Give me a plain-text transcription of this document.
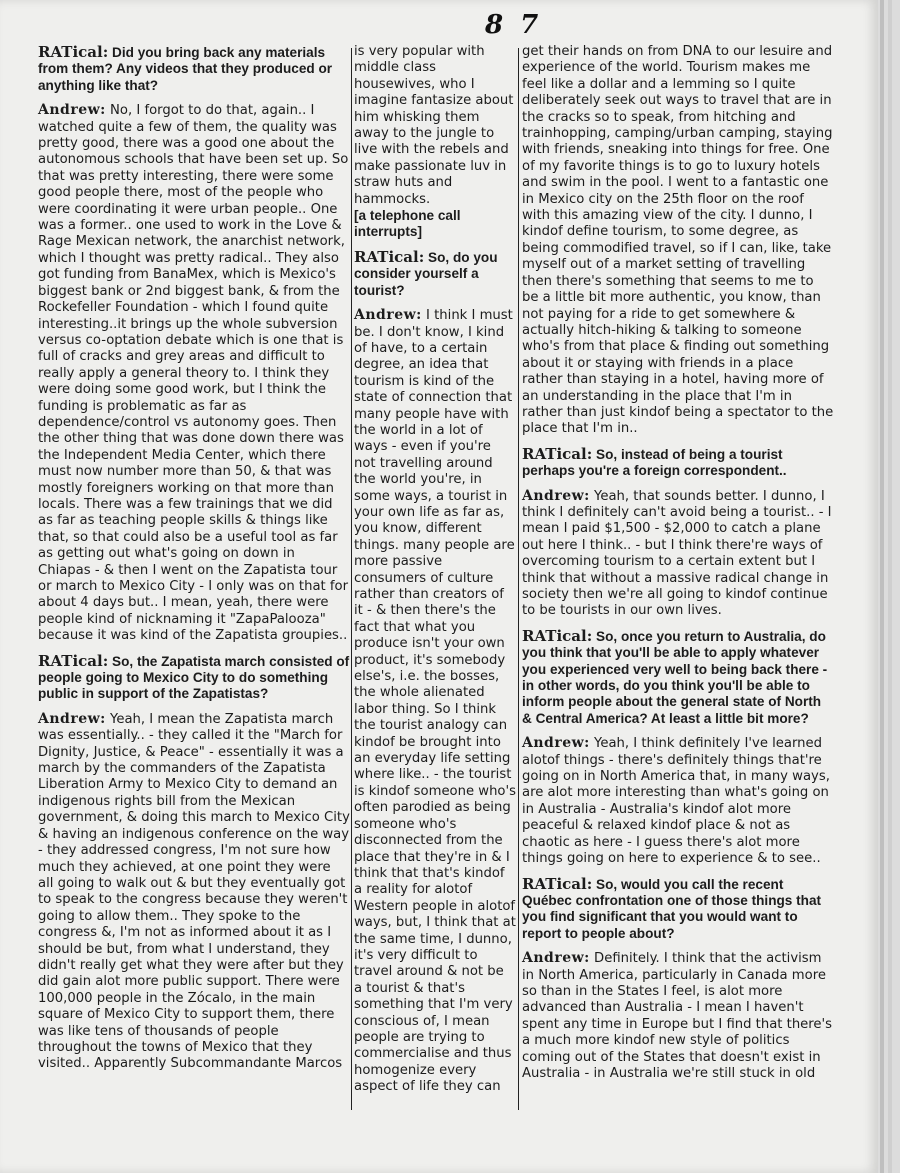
8 7

RATical: Did you bring back any materials from them? Any videos that they produced or anything like that?

Andrew: No, I forgot to do that, again.. I watched quite a few of them, the quality was pretty good, there was a good one about the autonomous schools that have been set up. So that was pretty interesting, there were some good people there, most of the people who were coordinating it were urban people.. One was a former.. one used to work in the Love & Rage Mexican network, the anarchist network, which I thought was pretty radical.. They also got funding from BanaMex, which is Mexico's biggest bank or 2nd biggest bank, & from the Rockefeller Foundation - which I found quite interesting..it brings up the whole subversion versus co-optation debate which is one that is full of cracks and grey areas and difficult to really apply a general theory to. I think they were doing some good work, but I think the funding is problematic as far as dependence/control vs autonomy goes. Then the other thing that was done down there was the Independent Media Center, which there must now number more than 50, & that was mostly foreigners working on that more than locals. There was a few trainings that we did as far as teaching people skills & things like that, so that could also be a useful tool as far as getting out what's going on down in Chiapas - & then I went on the Zapatista tour or march to Mexico City - I only was on that for about 4 days but.. I mean, yeah, there were people kind of nicknaming it "ZapaPalooza" because it was kind of the Zapatista groupies..

RATical: So, the Zapatista march consisted of people going to Mexico City to do something public in support of the Zapatistas?

Andrew: Yeah, I mean the Zapatista march was essentially.. - they called it the "March for Dignity, Justice, & Peace" - essentially it was a march by the commanders of the Zapatista Liberation Army to Mexico City to demand an indigenous rights bill from the Mexican government, & doing this march to Mexico City & having an indigenous conference on the way - they addressed congress, I'm not sure how much they achieved, at one point they were all going to walk out & but they eventually got to speak to the congress because they weren't going to allow them.. They spoke to the congress &, I'm not as informed about it as I should be but, from what I understand, they didn't really get what they were after but they did gain alot more public support. There were 100,000 people in the Zócalo, in the main square of Mexico City to support them, there was like tens of thousands of people throughout the towns of Mexico that they visited.. Apparently Subcommandante Marcos

is very popular with middle class housewives, who I imagine fantasize about him whisking them away to the jungle to live with the rebels and make passionate luv in straw huts and hammocks.

[a telephone call interrupts]

RATical: So, do you consider yourself a tourist?

Andrew: I think I must be. I don't know, I kind of have, to a certain degree, an idea that tourism is kind of the state of connection that many people have with the world in a lot of ways - even if you're not travelling around the world you're, in some ways, a tourist in your own life as far as, you know, different things. many people are more passive consumers of culture rather than creators of it - & then there's the fact that what you produce isn't your own product, it's somebody else's, i.e. the bosses, the whole alienated labor thing. So I think the tourist analogy can kindof be brought into an everyday life setting where like.. - the tourist is kindof someone who's often parodied as being someone who's disconnected from the place that they're in & I think that that's kindof a reality for alotof Western people in alotof ways, but, I think that at the same time, I dunno, it's very difficult to travel around & not be a tourist & that's something that I'm very conscious of, I mean people are trying to commercialise and thus homogenize every aspect of life they can

get their hands on from DNA to our lesuire and experience of the world. Tourism makes me feel like a dollar and a lemming so I quite deliberately seek out ways to travel that are in the cracks so to speak, from hitching and trainhopping, camping/urban camping, staying with friends, sneaking into things for free. One of my favorite things is to go to luxury hotels and swim in the pool. I went to a fantastic one in Mexico city on the 25th floor on the roof with this amazing view of the city. I dunno, I kindof define tourism, to some degree, as being commodified travel, so if I can, like, take myself out of a market setting of travelling then there's something that seems to me to be a little bit more authentic, you know, than not paying for a ride to get somewhere & actually hitch-hiking & talking to someone who's from that place & finding out something about it or staying with friends in a place rather than staying in a hotel, having more of an understanding in the place that I'm in rather than just kindof being a spectator to the place that I'm in..

RATical: So, instead of being a tourist perhaps you're a foreign correspondent..

Andrew: Yeah, that sounds better. I dunno, I think I definitely can't avoid being a tourist.. - I mean I paid $1,500 - $2,000 to catch a plane out here I think.. - but I think there're ways of overcoming tourism to a certain extent but I think that without a massive radical change in society then we're all going to kindof continue to be tourists in our own lives.

RATical: So, once you return to Australia, do you think that you'll be able to apply whatever you experienced very well to being back there - in other words, do you think you'll be able to inform people about the general state of North & Central America? At least a little bit more?

Andrew: Yeah, I think definitely I've learned alotof things - there's definitely things that're going on in North America that, in many ways, are alot more interesting than what's going on in Australia - Australia's kindof alot more peaceful & relaxed kindof place & not as chaotic as here - I guess there's alot more things going on here to experience & to see..

RATical: So, would you call the recent Québec confrontation one of those things that you find significant that you would want to report to people about?

Andrew: Definitely. I think that the activism in North America, particularly in Canada more so than in the States I feel, is alot more advanced than Australia - I mean I haven't spent any time in Europe but I find that there's a much more kindof new style of politics coming out of the States that doesn't exist in Australia - in Australia we're still stuck in old
